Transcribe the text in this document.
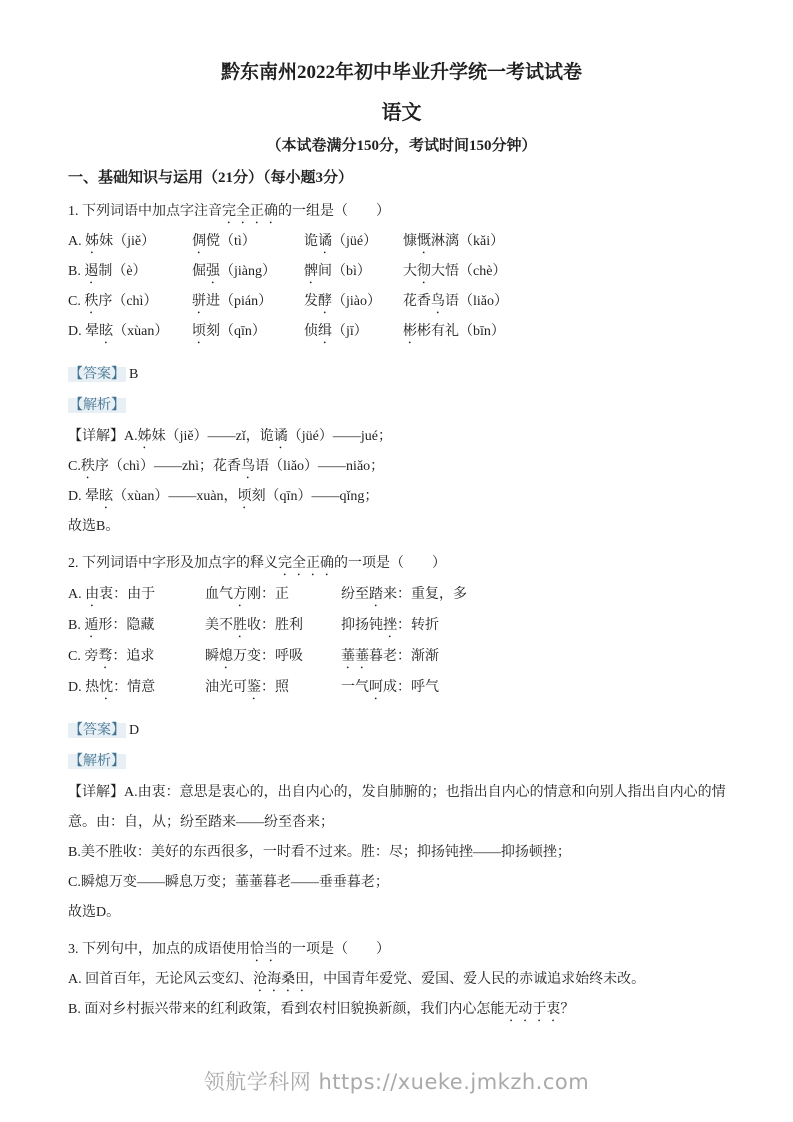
黔东南州2022年初中毕业升学统一考试试卷
语文

（本试卷满分150分，考试时间150分钟）

一、基础知识与运用（21分）（每小题3分）

1. 下列词语中加点字注音完全正确的一组是（　　）

A. 姊妹（jiě）	倜傥（tì）	诡谲（jüé）	慷慨淋漓（kǎi）
B. 遏制（è）	倔强（jiàng）	髀间（bì）	大彻大悟（chè）
C. 秩序（chì）	骈进（pián）	发酵（jiào）	花香鸟语（liǎo）
D. 晕眩（xùan）	顷刻（qīn）	侦缉（jī）	彬彬有礼（bīn）

【答案】 B

【解析】

【详解】A.姊妹（jiě）——zǐ，诡谲（jüé）——jué；

C.秩序（chì）——zhì；花香鸟语（liǎo）——niǎo；

D. 晕眩（xùan）——xuàn，顷刻（qīn）——qǐng；

故选B。

2. 下列词语中字形及加点字的释义完全正确的一项是（　　）

A. 由衷：由于	血气方刚：正	纷至踏来：重复，多
B. 遁形：隐藏	美不胜收：胜利	抑扬钝挫：转折
C. 旁骛：追求	瞬熄万变：呼吸	菙菙暮老：渐渐
D. 热忱：情意	油光可鉴：照	一气呵成：呼气

【答案】 D

【解析】

【详解】A.由衷：意思是衷心的，出自内心的，发自肺腑的；也指出自内心的情意和向别人指出自内心的情意。由：自，从；纷至踏来——纷至沓来；

B.美不胜收：美好的东西很多，一时看不过来。胜：尽；抑扬钝挫——抑扬顿挫；

C.瞬熄万变——瞬息万变；菙菙暮老——垂垂暮老；

故选D。

3. 下列句中，加点的成语使用恰当的一项是（　　）

A. 回首百年，无论风云变幻、沧海桑田，中国青年爱党、爱国、爱人民的赤诚追求始终未改。

B. 面对乡村振兴带来的红利政策，看到农村旧貌换新颜，我们内心怎能无动于衷？

领航学科网 https://xueke.jmkzh.com
